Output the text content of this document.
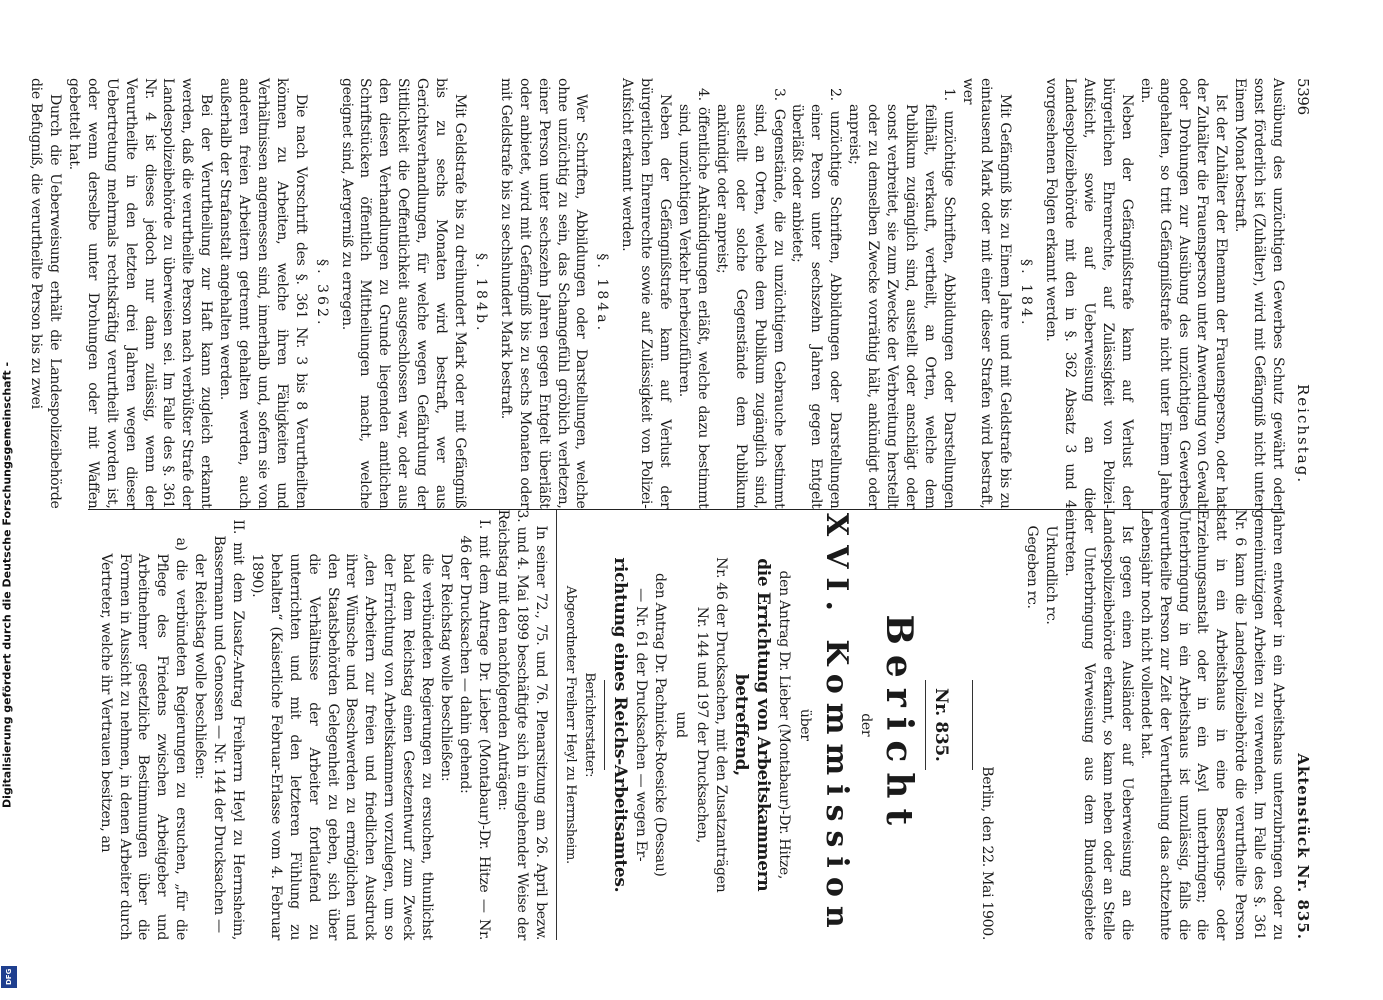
Digitalisierung gefördert durch die Deutsche Forschungsgemeinschaft -
DFG
5396
Reichstag.
Aktenstück Nr. 835.

Ausübung des unzüchtigen Gewerbes Schutz gewährt oder sonst förderlich ist (Zuhälter), wird mit Gefängniß nicht unter Einem Monat bestraft.

Ist der Zuhälter der Ehemann der Frauensperson, oder hat der Zuhälter die Frauensperson unter Anwendung von Gewalt oder Drohungen zur Ausübung des unzüchtigen Gewerbes angehalten, so tritt Gefängnißstrafe nicht unter Einem Jahre ein.

Neben der Gefängnißstrafe kann auf Verlust der bürgerlichen Ehrenrechte, auf Zulässigkeit von Polizei-Aufsicht, sowie auf Ueberweisung an die Landespolizeibehörde mit den in §. 362 Absatz 3 und 4 vorgesehenen Folgen erkannt werden.

§. 184.

Mit Gefängniß bis zu Einem Jahre und mit Geldstrafe bis zu eintausend Mark oder mit einer dieser Strafen wird bestraft, wer

1. unzüchtige Schriften, Abbildungen oder Darstellungen feilhält, verkauft, vertheilt, an Orten, welche dem Publikum zugänglich sind, ausstellt oder anschlägt oder sonst verbreitet, sie zum Zwecke der Verbreitung herstellt oder zu demselben Zwecke vorräthig hält, ankündigt oder anpreist;

2. unzüchtige Schriften, Abbildungen oder Darstellungen einer Person unter sechszehn Jahren gegen Entgelt überläßt oder anbietet;

3. Gegenstände, die zu unzüchtigem Gebrauche bestimmt sind, an Orten, welche dem Publikum zugänglich sind, ausstellt oder solche Gegenstände dem Publikum ankündigt oder anpreist;

4. öffentliche Ankündigungen erläßt, welche dazu bestimmt sind, unzüchtigen Verkehr herbeizuführen.

Neben der Gefängnißstrafe kann auf Verlust der bürgerlichen Ehrenrechte sowie auf Zulässigkeit von Polizei-Aufsicht erkannt werden.

§. 184a.

Wer Schriften, Abbildungen oder Darstellungen, welche ohne unzüchtig zu sein, das Schamgefühl gröblich verletzen, einer Person unter sechszehn Jahren gegen Entgelt überläßt oder anbietet, wird mit Gefängniß bis zu sechs Monaten oder mit Geldstrafe bis zu sechshundert Mark bestraft.

§. 184b.

Mit Geldstrafe bis zu dreihundert Mark oder mit Gefängniß bis zu sechs Monaten wird bestraft, wer aus Gerichtsverhandlungen, für welche wegen Gefährdung der Sittlichkeit die Oeffentlichkeit ausgeschlossen war, oder aus den diesen Verhandlungen zu Grunde liegenden amtlichen Schriftstücken öffentlich Mittheilungen macht, welche geeignet sind, Aergerniß zu erregen.

§. 362.

Die nach Vorschrift des §. 361 Nr. 3 bis 8 Verurtheilten können zu Arbeiten, welche ihren Fähigkeiten und Verhältnissen angemessen sind, innerhalb und, sofern sie von anderen freien Arbeitern getrennt gehalten werden, auch außerhalb der Strafanstalt angehalten werden.

Bei der Verurtheilung zur Haft kann zugleich erkannt werden, daß die verurtheilte Person nach verbüßter Strafe der Landespolizeibehörde zu überweisen sei. Im Falle des §. 361 Nr. 4 ist dieses jedoch nur dann zulässig, wenn der Verurtheilte in den letzten drei Jahren wegen dieser Uebertretung mehrmals rechtskräftig verurtheilt worden ist, oder wenn derselbe unter Drohungen oder mit Waffen gebettelt hat.

Durch die Ueberweisung erhält die Landespolizeibehörde die Befugniß, die verurtheilte Person bis zu zwei

Jahren entweder in ein Arbeitshaus unterzubringen oder zu gemeinnützigen Arbeiten zu verwenden. Im Falle des §. 361 Nr. 6 kann die Landespolizeibehörde die verurtheilte Person statt in ein Arbeitshaus in eine Besserungs- oder Erziehungsanstalt oder in ein Asyl unterbringen; die Unterbringung in ein Arbeitshaus ist unzulässig, falls die verurtheilte Person zur Zeit der Verurtheilung das achtzehnte Lebensjahr noch nicht vollendet hat.

Ist gegen einen Ausländer auf Ueberweisung an die Landespolizeibehörde erkannt, so kann neben oder an Stelle der Unterbringung Verweisung aus dem Bundesgebiete eintreten.

Urkundlich rc.

Gegeben rc.

Berlin, den 22. Mai 1900.

Nr. 835.
Bericht
der
XVI. Kommission
über

den Antrag Dr. Lieber (Montabaur)-Dr. Hitze,

die Errichtung von Arbeitskammern betreffend,

Nr. 46 der Drucksachen, mit den Zusatzanträgen

Nr. 144 und 197 der Drucksachen,

und

den Antrag Dr. Pachnicke-Roesicke (Dessau)

— Nr. 61 der Drucksachen — wegen Er-

richtung eines Reichs-Arbeitsamtes.

Berichterstatter:

Abgeordneter Freiherr Heyl zu Herrnsheim.

In seiner 72., 75. und 76. Plenarsitzung am 26. April bezw. 3. und 4. Mai 1899 beschäftigte sich in eingehender Weise der Reichstag mit den nachfolgenden Anträgen:

I. mit dem Antrage Dr. Lieber (Montabaur)-Dr. Hitze — Nr. 46 der Drucksachen — dahin gehend:

Der Reichstag wolle beschließen:

die verbündeten Regierungen zu ersuchen, thunlichst bald dem Reichstag einen Gesetzentwurf zum Zweck der Errichtung von Arbeitskammern vorzulegen, um so „den Arbeitern zur freien und friedlichen Ausdruck ihrer Wünsche und Beschwerden zu ermöglichen und den Staatsbehörden Gelegenheit zu geben, sich über die Verhältnisse der Arbeiter fortlaufend zu unterrichten und mit den letzteren Fühlung zu behalten“ (Kaiserliche Februar-Erlasse vom 4. Februar 1890).

II. mit dem Zusatz-Antrag Freiherrn Heyl zu Herrnsheim, Bassermann und Genossen — Nr. 144 der Drucksachen —

der Reichstag wolle beschließen:

a) die verbündeten Regierungen zu ersuchen, „für die Pflege des Friedens zwischen Arbeitgeber und Arbeitnehmer gesetzliche Bestimmungen über die Formen in Aussicht zu nehmen, in denen Arbeiter durch Vertreter, welche ihr Vertrauen besitzen, an
